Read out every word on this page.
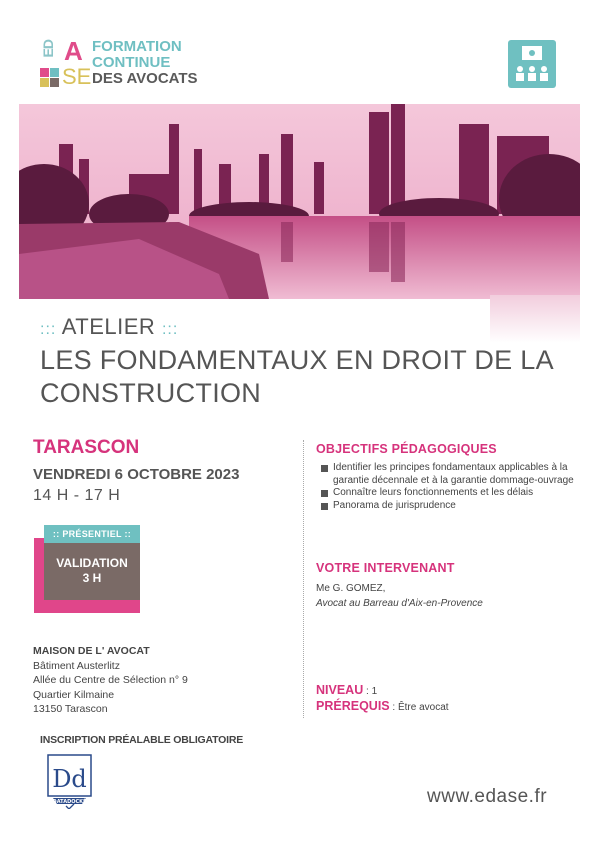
ED A
SE
FORMATION
CONTINUE
DES AVOCATS
::: ATELIER :::
LES FONDAMENTAUX EN DROIT DE LA CONSTRUCTION
TARASCON
VENDREDI 6 OCTOBRE 2023
14 H - 17 H
VALIDATION
3 H
:: PRÉSENTIEL ::
MAISON DE L' AVOCAT
Bâtiment Austerlitz
Allée du Centre de Sélection n° 9
Quartier Kilmaine
13150 Tarascon
INSCRIPTION PRÉALABLE OBLIGATOIRE
Dd
DATADOCKÉ
OBJECTIFS PÉDAGOGIQUES
Identifier les principes fondamentaux applicables à la garantie décennale et à la garantie dommage-ouvrage
Connaître leurs fonctionnements et les délais
Panorama de jurisprudence
VOTRE INTERVENANT
Me G. GOMEZ,
Avocat au Barreau d'Aix-en-Provence
NIVEAU : 1
PRÉREQUIS : Être avocat
www.edase.fr
